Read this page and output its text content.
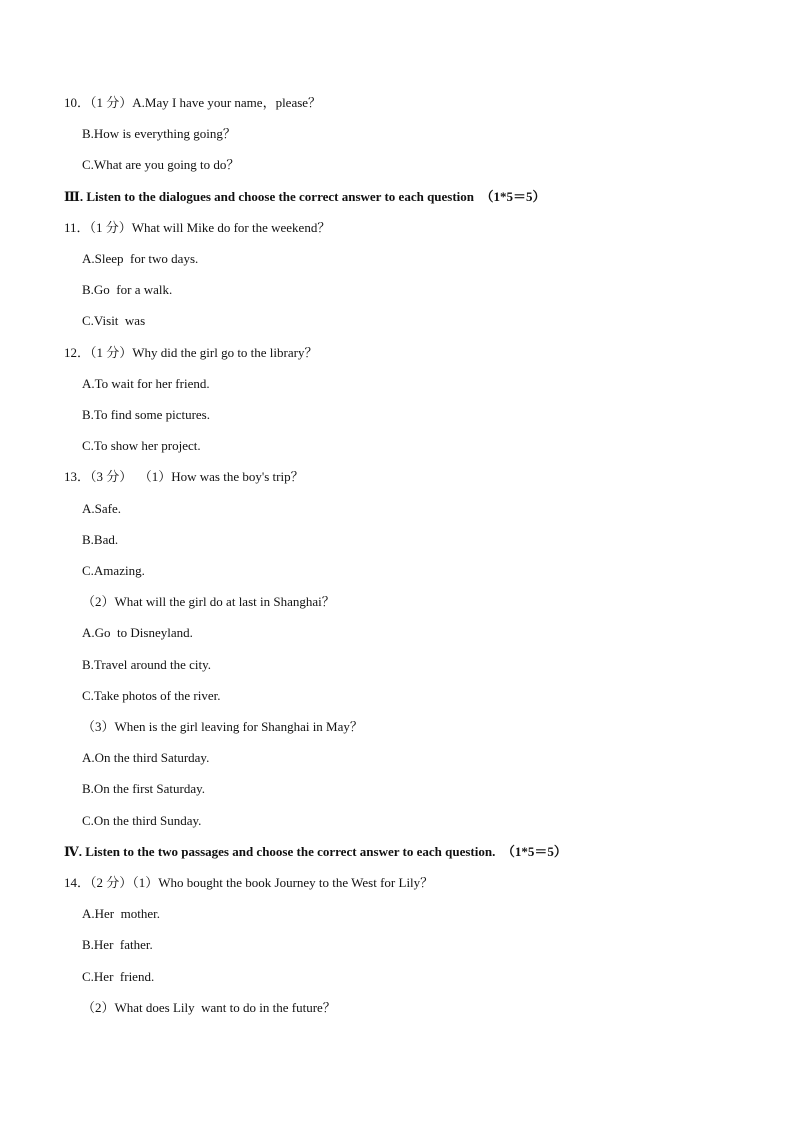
10．（1 分）A.May I have your name，please？
B.How is everything going？
C.What are you going to do？
Ⅲ. Listen to the dialogues and choose the correct answer to each question  （1*5＝5）
11．（1 分）What will Mike do for the weekend？
A.Sleep  for two days.
B.Go  for a walk.
C.Visit  was
12．（1 分）Why did the girl go to the library？
A.To wait for her friend.
B.To find some pictures.
C.To show her project.
13．（3 分）  （1）How was the boy's trip？
A.Safe.
B.Bad.
C.Amazing.
（2）What will the girl do at last in Shanghai？
A.Go  to Disneyland.
B.Travel around the city.
C.Take photos of the river.
（3）When is the girl leaving for Shanghai in May？
A.On the third Saturday.
B.On the first Saturday.
C.On the third Sunday.
Ⅳ. Listen to the two passages and choose the correct answer to each question.  （1*5＝5）
14．（2 分）（1）Who bought the book Journey to the West for Lily？
A.Her  mother.
B.Her  father.
C.Her  friend.
（2）What does Lily  want to do in the future？
